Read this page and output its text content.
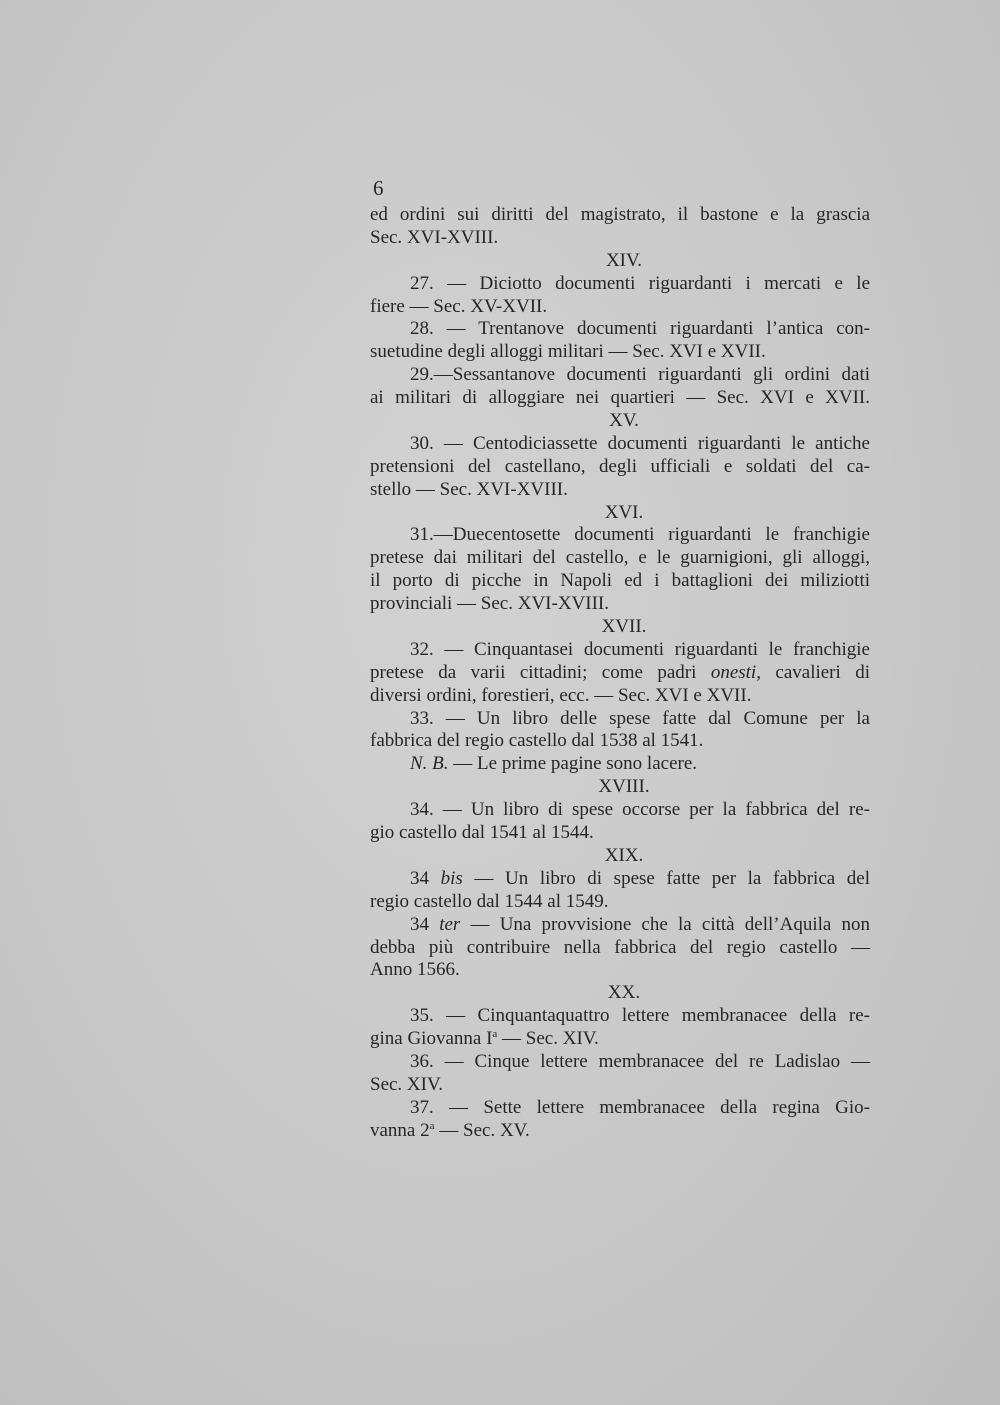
6
ed ordini sui diritti del magistrato, il bastone e la grascia
Sec. XVI-XVIII.
XIV.
27. — Diciotto documenti riguardanti i mercati e le
fiere — Sec. XV-XVII.
28. — Trentanove documenti riguardanti l’antica con-
suetudine degli alloggi militari — Sec. XVI e XVII.
29.—Sessantanove documenti riguardanti gli ordini dati
ai militari di alloggiare nei quartieri — Sec. XVI e XVII.
XV.
30. — Centodiciassette documenti riguardanti le antiche
pretensioni del castellano, degli ufficiali e soldati del ca-
stello — Sec. XVI-XVIII.
XVI.
31.—Duecentosette documenti riguardanti le franchigie
pretese dai militari del castello, e le guarnigioni, gli alloggi,
il porto di picche in Napoli ed i battaglioni dei miliziotti
provinciali — Sec. XVI-XVIII.
XVII.
32. — Cinquantasei documenti riguardanti le franchigie
pretese da varii cittadini; come padri onesti, cavalieri di
diversi ordini, forestieri, ecc. — Sec. XVI e XVII.
33. — Un libro delle spese fatte dal Comune per la
fabbrica del regio castello dal 1538 al 1541.
N. B. — Le prime pagine sono lacere.
XVIII.
34. — Un libro di spese occorse per la fabbrica del re-
gio castello dal 1541 al 1544.
XIX.
34 bis — Un libro di spese fatte per la fabbrica del
regio castello dal 1544 al 1549.
34 ter — Una provvisione che la città dell’Aquila non
debba più contribuire nella fabbrica del regio castello —
Anno 1566.
XX.
35. — Cinquantaquattro lettere membranacee della re-
gina Giovanna $I^a$ — Sec. XIV.
36. — Cinque lettere membranacee del re Ladislao —
Sec. XIV.
37. — Sette lettere membranacee della regina Gio-
vanna 2$^a$ — Sec. XV.
